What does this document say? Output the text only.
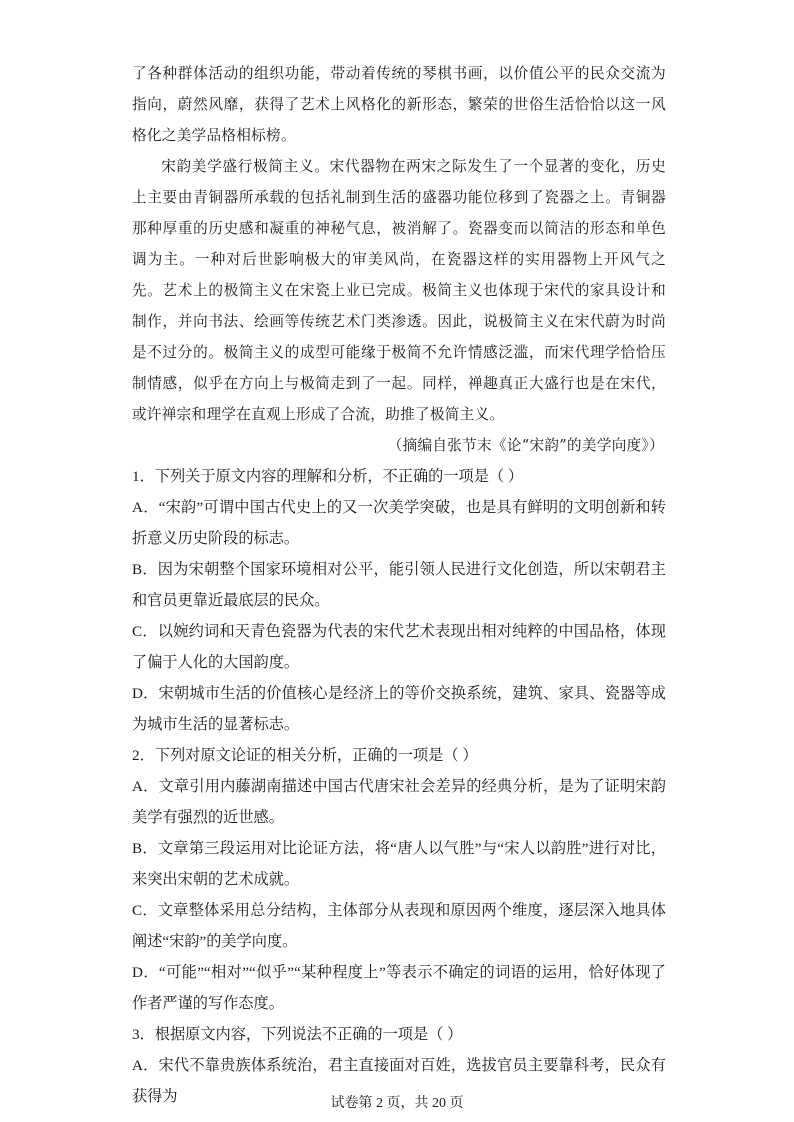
了各种群体活动的组织功能，带动着传统的琴棋书画，以价值公平的民众交流为指向，蔚然风靡，获得了艺术上风格化的新形态，繁荣的世俗生活恰恰以这一风格化之美学品格相标榜。

宋韵美学盛行极简主义。宋代器物在两宋之际发生了一个显著的变化，历史上主要由青铜器所承载的包括礼制到生活的盛器功能位移到了瓷器之上。青铜器那种厚重的历史感和凝重的神秘气息，被消解了。瓷器变而以简洁的形态和单色调为主。一种对后世影响极大的审美风尚，在瓷器这样的实用器物上开风气之先。艺术上的极简主义在宋瓷上业已完成。极简主义也体现于宋代的家具设计和制作，并向书法、绘画等传统艺术门类渗透。因此，说极简主义在宋代蔚为时尚是不过分的。极简主义的成型可能缘于极简不允许情感泛滥，而宋代理学恰恰压制情感，似乎在方向上与极简走到了一起。同样，禅趣真正大盛行也是在宋代，或许禅宗和理学在直观上形成了合流，助推了极简主义。

（摘编自张节末《论“宋韵”的美学向度》）

1．下列关于原文内容的理解和分析，不正确的一项是（ ）

A．“宋韵”可谓中国古代史上的又一次美学突破，也是具有鲜明的文明创新和转折意义历史阶段的标志。

B．因为宋朝整个国家环境相对公平，能引领人民进行文化创造，所以宋朝君主和官员更靠近最底层的民众。

C．以婉约词和天青色瓷器为代表的宋代艺术表现出相对纯粹的中国品格，体现了偏于人化的大国韵度。

D．宋朝城市生活的价值核心是经济上的等价交换系统，建筑、家具、瓷器等成为城市生活的显著标志。

2．下列对原文论证的相关分析，正确的一项是（ ）

A．文章引用内藤湖南描述中国古代唐宋社会差异的经典分析，是为了证明宋韵美学有强烈的近世感。

B．文章第三段运用对比论证方法，将“唐人以气胜”与“宋人以韵胜”进行对比，来突出宋朝的艺术成就。

C．文章整体采用总分结构，主体部分从表现和原因两个维度，逐层深入地具体阐述“宋韵”的美学向度。

D．“可能”“相对”“似乎”“某种程度上”等表示不确定的词语的运用，恰好体现了作者严谨的写作态度。

3．根据原文内容，下列说法不正确的一项是（ ）

A．宋代不靠贵族体系统治，君主直接面对百姓，选拔官员主要靠科考，民众有获得为	试卷第 2 页，共 20 页
